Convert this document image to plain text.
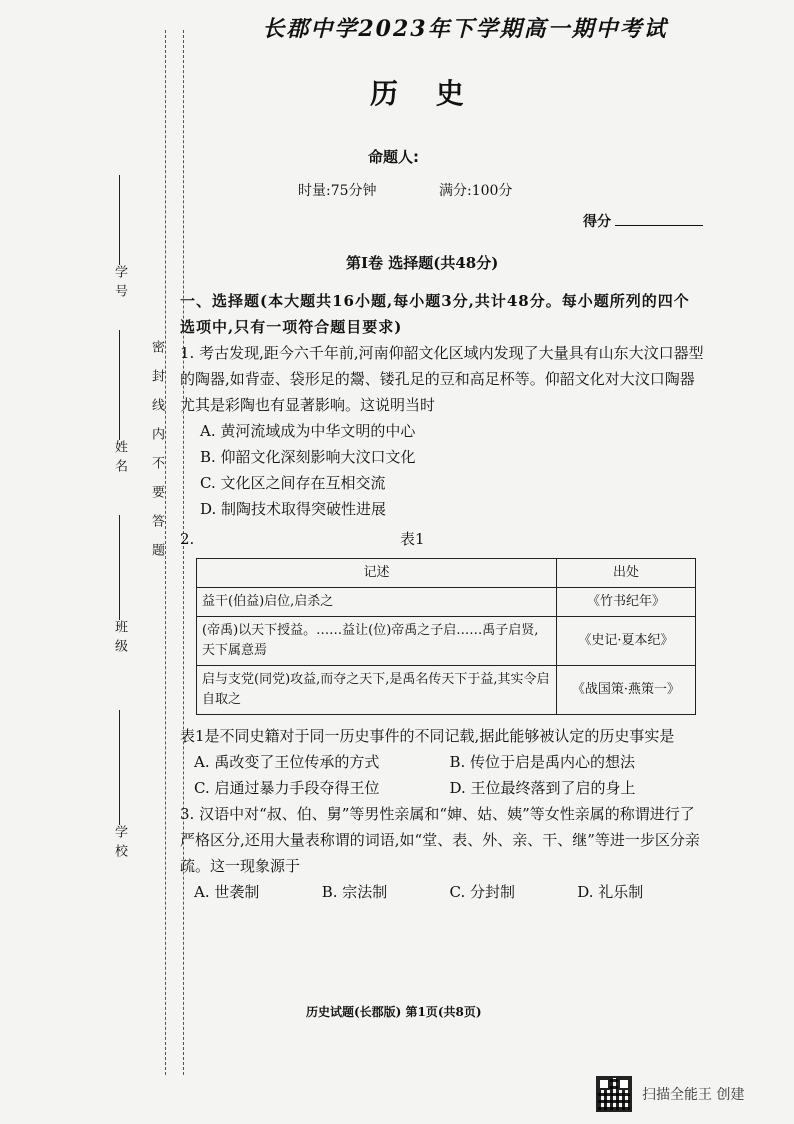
学号
姓名
班级
学校
密封线内不要答题
长郡中学2023年下学期高一期中考试
历 史
命题人:
时量:75分钟	满分:100分
得分
第Ⅰ卷 选择题(共48分)

一、选择题(本大题共16小题,每小题3分,共计48分。每小题所列的四个选项中,只有一项符合题目要求)

1. 考古发现,距今六千年前,河南仰韶文化区域内发现了大量具有山东大汶口器型的陶器,如背壶、袋形足的鬶、镂孔足的豆和高足杯等。仰韶文化对大汶口陶器尤其是彩陶也有显著影响。这说明当时

A. 黄河流域成为中华文明的中心

B. 仰韶文化深刻影响大汶口文化

C. 文化区之间存在互相交流

D. 制陶技术取得突破性进展

2.	表1
记述	出处
益干(伯益)启位,启杀之	《竹书纪年》
(帝禹)以天下授益。……益让(位)帝禹之子启……禹子启贤,天下属意焉	《史记·夏本纪》
启与支党(同党)攻益,而夺之天下,是禹名传天下于益,其实令启自取之	《战国策·燕策一》

表1是不同史籍对于同一历史事件的不同记载,据此能够被认定的历史事实是

A. 禹改变了王位传承的方式	B. 传位于启是禹内心的想法
C. 启通过暴力手段夺得王位	D. 王位最终落到了启的身上

3. 汉语中对“叔、伯、舅”等男性亲属和“婶、姑、姨”等女性亲属的称谓进行了严格区分,还用大量表称谓的词语,如“堂、表、外、亲、干、继”等进一步区分亲疏。这一现象源于

A. 世袭制	B. 宗法制	C. 分封制	D. 礼乐制
历史试题(长郡版) 第1页(共8页)
扫描全能王 创建
